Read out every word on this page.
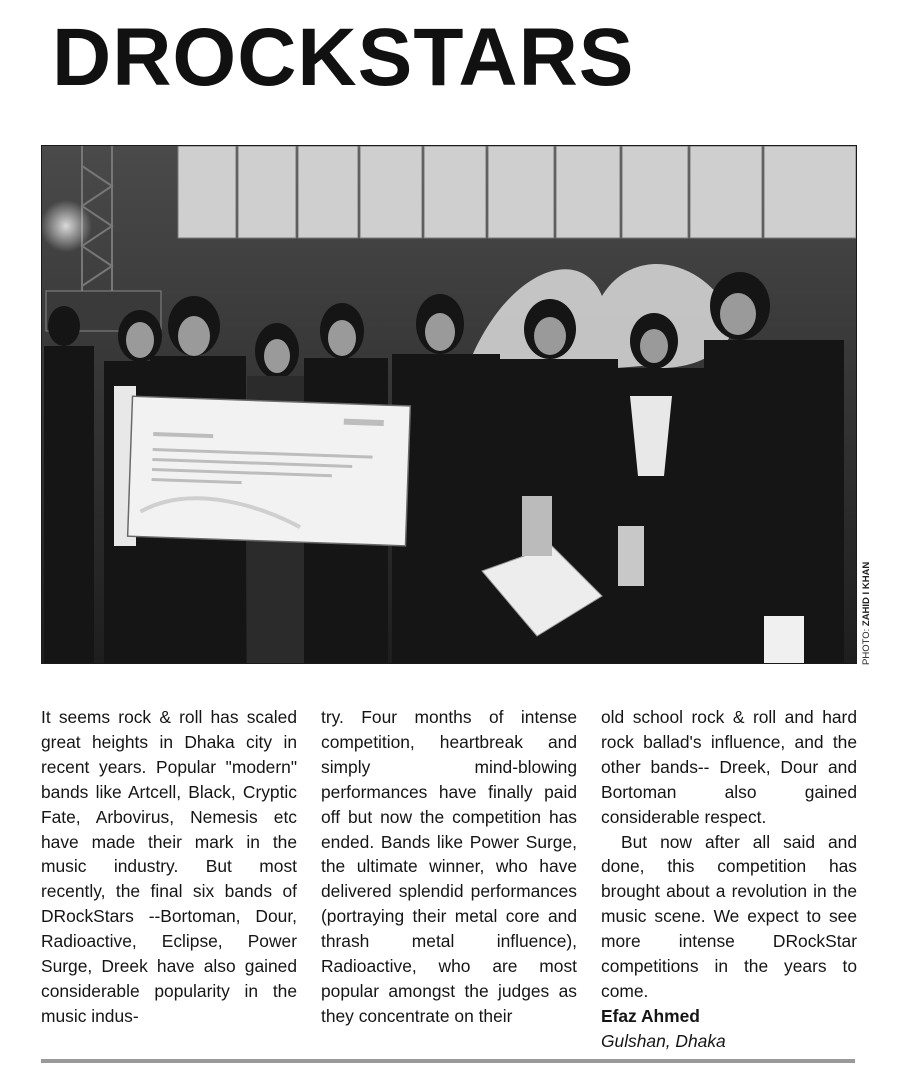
DROCKSTARS
PHOTO: ZAHID I KHAN

It seems rock & roll has scaled great heights in Dhaka city in recent years. Popular "modern" bands like Artcell, Black, Cryptic Fate, Arbovirus, Nemesis etc have made their mark in the music industry. But most recently, the final six bands of DRockStars --Bortoman, Dour, Radioactive, Eclipse, Power Surge, Dreek have also gained considerable popularity in the music indus-

try. Four months of intense competition, heartbreak and simply mind-blowing performances have finally paid off but now the competition has ended. Bands like Power Surge, the ultimate winner, who have delivered splendid performances (portraying their metal core and thrash metal influence), Radioactive, who are most popular amongst the judges as they concentrate on their

old school rock & roll and hard rock ballad's influence, and the other bands-- Dreek, Dour and Bortoman also gained considerable respect.

But now after all said and done, this competition has brought about a revolution in the music scene. We expect to see more intense DRockStar competitions in the years to come.

Efaz Ahmed

Gulshan, Dhaka
